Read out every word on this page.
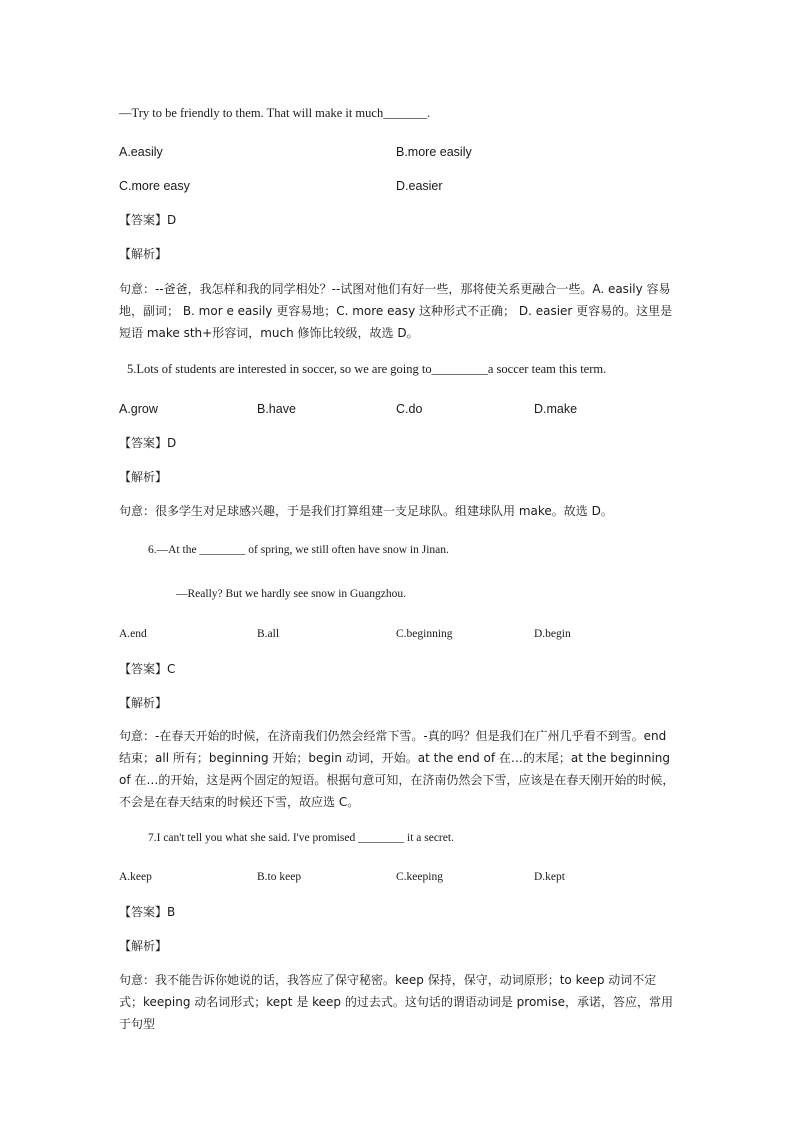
—Try to be friendly to them. That will make it much_______.
A.easily	B.more easily
C.more easy	D.easier
【答案】D
【解析】
句意：--爸爸，我怎样和我的同学相处？--试图对他们有好一些，那将使关系更融合一些。A. easily 容易地，副词； B. mor e easily 更容易地；C. more easy 这种形式不正确； D. easier 更容易的。这里是短语 make sth+形容词，much 修饰比较级，故选 D。
5.Lots of students are interested in soccer, so we are going to_________a soccer team this term.
A.grow	B.have	C.do	D.make
【答案】D
【解析】
句意：很多学生对足球感兴趣，于是我们打算组建一支足球队。组建球队用 make。故选 D。
6.—At the ________ of spring, we still often have snow in Jinan.
—Really? But we hardly see snow in Guangzhou.
A.end	B.all	C.beginning	D.begin
【答案】C
【解析】
句意：-在春天开始的时候，在济南我们仍然会经常下雪。-真的吗？但是我们在广州几乎看不到雪。end 结束；all 所有；beginning 开始；begin 动词，开始。at the end of 在…的末尾；at the beginning of 在…的开始，这是两个固定的短语。根据句意可知，在济南仍然会下雪，应该是在春天刚开始的时候，不会是在春天结束的时候还下雪，故应选 C。
7.I can't tell you what she said. I've promised ________ it a secret.
A.keep	B.to keep	C.keeping	D.kept
【答案】B
【解析】
句意：我不能告诉你她说的话，我答应了保守秘密。keep 保持，保守，动词原形；to keep 动词不定式；keeping 动名词形式；kept 是 keep 的过去式。这句话的谓语动词是 promise，承诺，答应，常用于句型
